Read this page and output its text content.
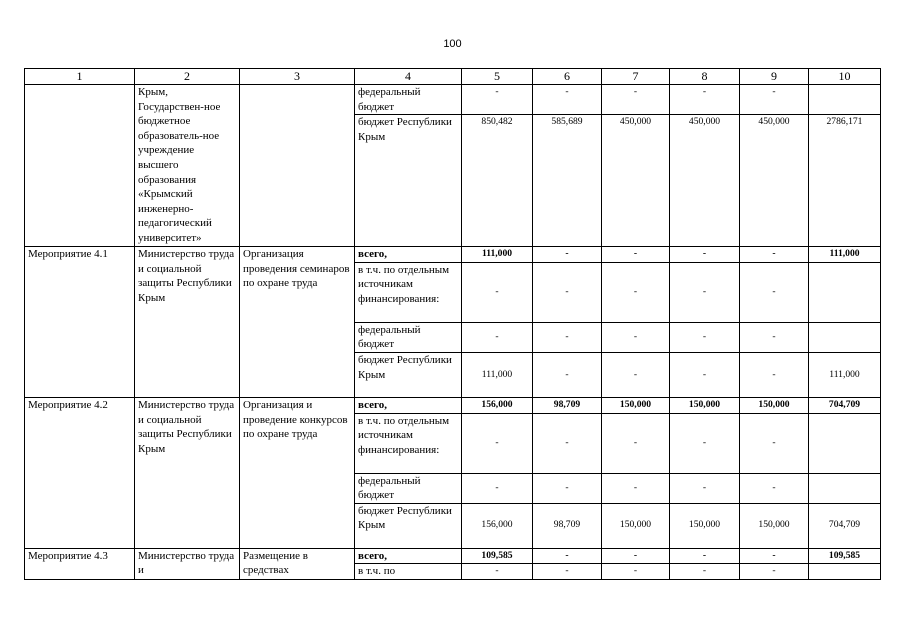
100
1	2	3	4	5	6	7	8	9	10
	Крым, Государствен-ное бюджетное образователь-ное учреждение высшего образования «Крымский инженерно-педагогический университет»		федеральный бюджет	-	-	-	-	-	
			бюджет Республики Крым	850,482	585,689	450,000	450,000	450,000	2786,171
Мероприятие 4.1	Министерство труда и социальной защиты Республики Крым	Организация проведения семинаров по охране труда	всего,	111,000	-	-	-	-	111,000
			в т.ч. по отдельным источникам финансирования:	-	-	-	-	-	
			федеральный бюджет	-	-	-	-	-	
			бюджет Республики Крым	111,000	-	-	-	-	111,000
Мероприятие 4.2	Министерство труда и социальной защиты Республики Крым	Организация и проведение конкурсов по охране труда	всего,	156,000	98,709	150,000	150,000	150,000	704,709
			в т.ч. по отдельным источникам финансирования:	-	-	-	-	-	
			федеральный бюджет	-	-	-	-	-	
			бюджет Республики Крым	156,000	98,709	150,000	150,000	150,000	704,709
Мероприятие 4.3	Министерство труда и	Размещение в средствах	всего,	109,585	-	-	-	-	109,585
			в т.ч. по	-	-	-	-	-	
